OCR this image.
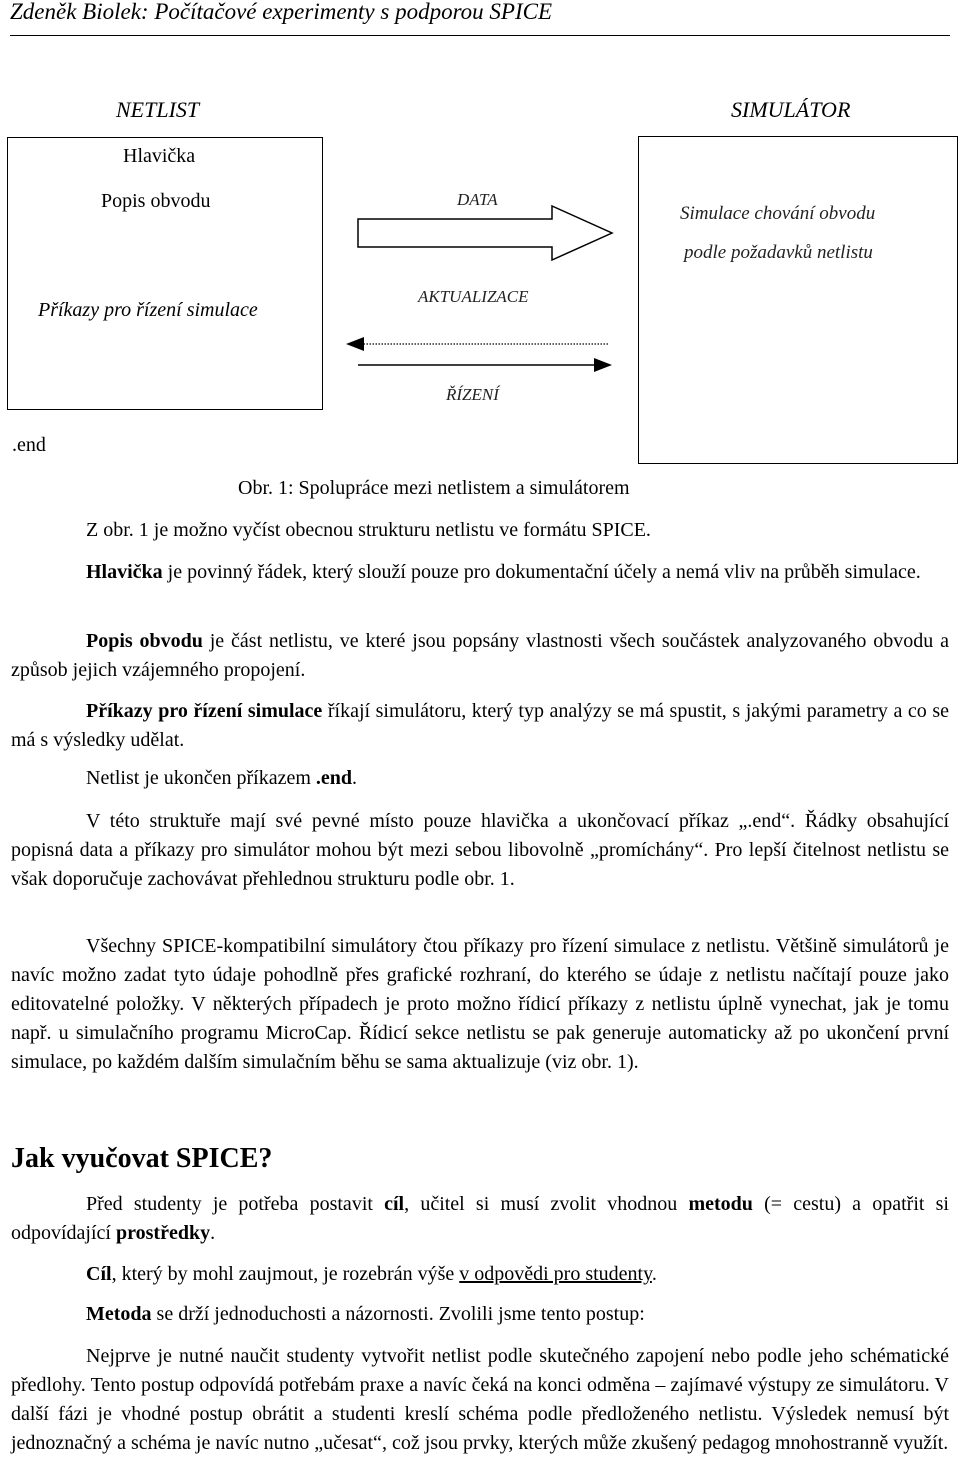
Zdeněk Biolek: Počítačové experimenty s podporou SPICE
NETLIST	SIMULÁTOR
Hlavička
Popis obvodu
Příkazy pro řízení simulace
.end
DATA
AKTUALIZACE
ŘÍZENÍ
Simulace chování obvodu
podle požadavků netlistu
Obr. 1: Spolupráce mezi netlistem a simulátorem
Z obr. 1 je možno vyčíst obecnou strukturu netlistu ve formátu SPICE.
Hlavička je povinný řádek, který slouží pouze pro dokumentační účely a nemá vliv na průběh simulace.
Popis obvodu je část netlistu, ve které jsou popsány vlastnosti všech součástek analyzovaného obvodu a způsob jejich vzájemného propojení.
Příkazy pro řízení simulace říkají simulátoru, který typ analýzy se má spustit, s jakými parametry a co se má s výsledky udělat.
Netlist je ukončen příkazem .end.
V této struktuře mají své pevné místo pouze hlavička a ukončovací příkaz „.end“. Řádky obsahující popisná data a příkazy pro simulátor mohou být mezi sebou libovolně „promíchány“. Pro lepší čitelnost netlistu se však doporučuje zachovávat přehlednou strukturu podle obr. 1.
Všechny SPICE-kompatibilní simulátory čtou příkazy pro řízení simulace z netlistu. Většině simulátorů je navíc možno zadat tyto údaje pohodlně přes grafické rozhraní, do kterého se údaje z netlistu načítají pouze jako editovatelné položky. V některých případech je proto možno řídicí příkazy z netlistu úplně vynechat, jak je tomu např. u simulačního programu MicroCap. Řídicí sekce netlistu se pak generuje automaticky až po ukončení první simulace, po každém dalším simulačním běhu se sama aktualizuje (viz obr. 1).
Jak vyučovat SPICE?
Před studenty je potřeba postavit cíl, učitel si musí zvolit vhodnou metodu (= cestu) a opatřit si odpovídající prostředky.
Cíl, který by mohl zaujmout, je rozebrán výše v odpovědi pro studenty.
Metoda se drží jednoduchosti a názornosti. Zvolili jsme tento postup:
Nejprve je nutné naučit studenty vytvořit netlist podle skutečného zapojení nebo podle jeho schématické předlohy. Tento postup odpovídá potřebám praxe a navíc čeká na konci odměna – zajímavé výstupy ze simulátoru. V další fázi je vhodné postup obrátit a studenti kreslí schéma podle předloženého netlistu. Výsledek nemusí být jednoznačný a schéma je navíc nutno „učesat“, což jsou prvky, kterých může zkušený pedagog mnohostranně využít.
